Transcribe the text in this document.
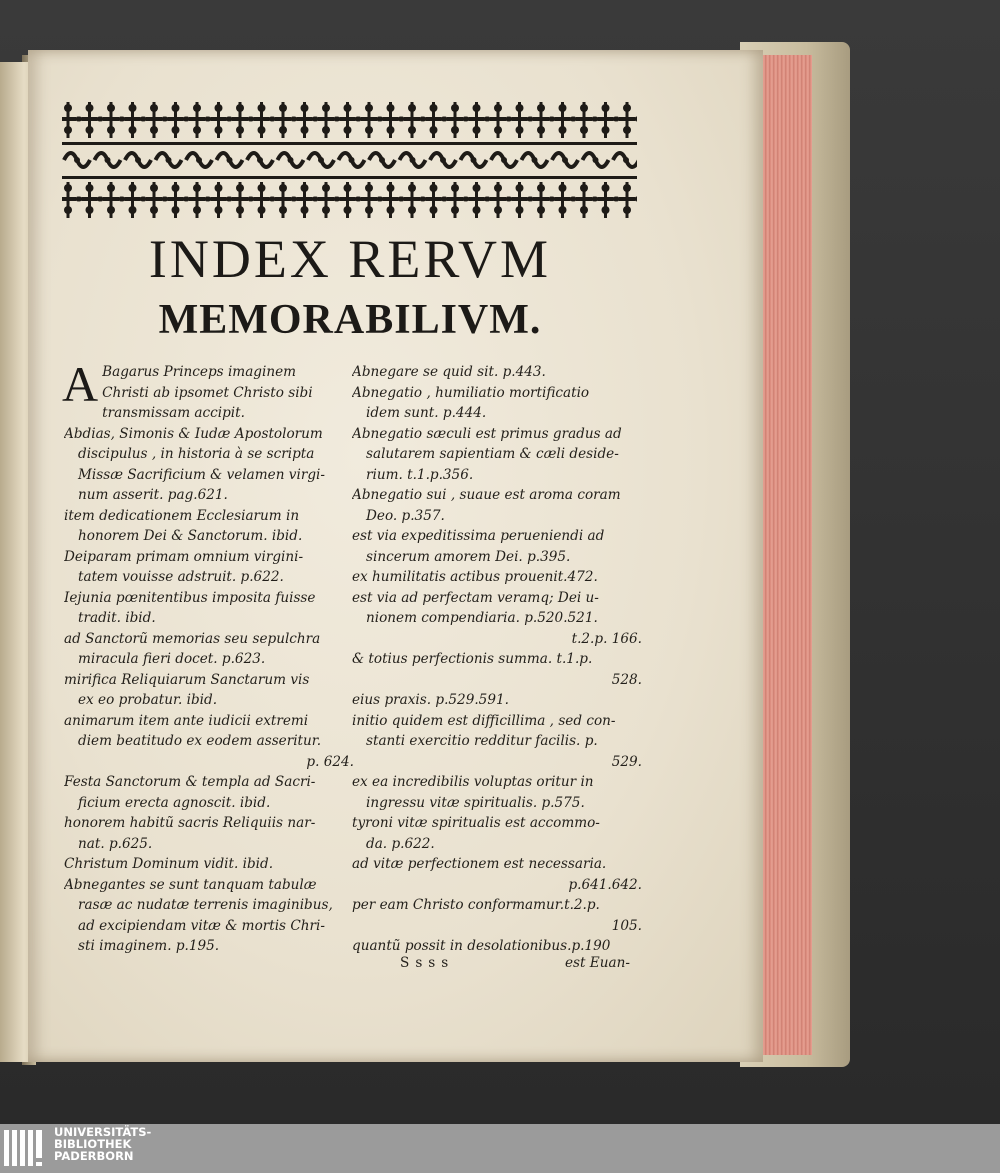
INDEX RERVM
MEMORABILIVM.
A Bagarus Princeps imaginem
Christi ab ipsomet Christo sibi
transmissam accipit.
Abdias, Simonis & Iudæ Apostolorum
discipulus , in historia à se scripta
Missæ Sacrificium & velamen virgi-
num asserit. pag.621.
item dedicationem Ecclesiarum in
honorem Dei & Sanctorum. ibid.
Deiparam primam omnium virgini-
tatem vouisse adstruit. p.622.
Iejunia pœnitentibus imposita fuisse
tradit. ibid.
ad Sanctorũ memorias seu sepulchra
miracula fieri docet. p.623.
mirifica Reliquiarum Sanctarum vis
ex eo probatur. ibid.
animarum item ante iudicii extremi
diem beatitudo ex eodem asseritur.
p. 624.
Festa Sanctorum & templa ad Sacri-
ficium erecta agnoscit. ibid.
honorem habitũ sacris Reliquiis nar-
nat. p.625.
Christum Dominum vidit. ibid.
Abnegantes se sunt tanquam tabulæ
rasæ ac nudatæ terrenis imaginibus,
ad excipiendam vitæ & mortis Chri-
sti imaginem. p.195.
Abnegare se quid sit. p.443.
Abnegatio , humiliatio mortificatio
idem sunt. p.444.
Abnegatio sæculi est primus gradus ad
salutarem sapientiam & cæli deside-
rium. t.1.p.356.
Abnegatio sui , suaue est aroma coram
Deo. p.357.
est via expeditissima perueniendi ad
sincerum amorem Dei. p.395.
ex humilitatis actibus prouenit.472.
est via ad perfectam veramq; Dei u-
nionem compendiaria. p.520.521.
t.2.p. 166.
& totius perfectionis summa. t.1.p.
528.
eius praxis. p.529.591.
initio quidem est difficillima , sed con-
stanti exercitio redditur facilis. p.
529.
ex ea incredibilis voluptas oritur in
ingressu vitæ spiritualis. p.575.
tyroni vitæ spiritualis est accommo-
da. p.622.
ad vitæ perfectionem est necessaria.
p.641.642.
per eam Christo conformamur.t.2.p.
105.
quantũ possit in desolationibus.p.190
Ssss	est Euan-
UNIVERSITÄTS-
BIBLIOTHEK
PADERBORN
